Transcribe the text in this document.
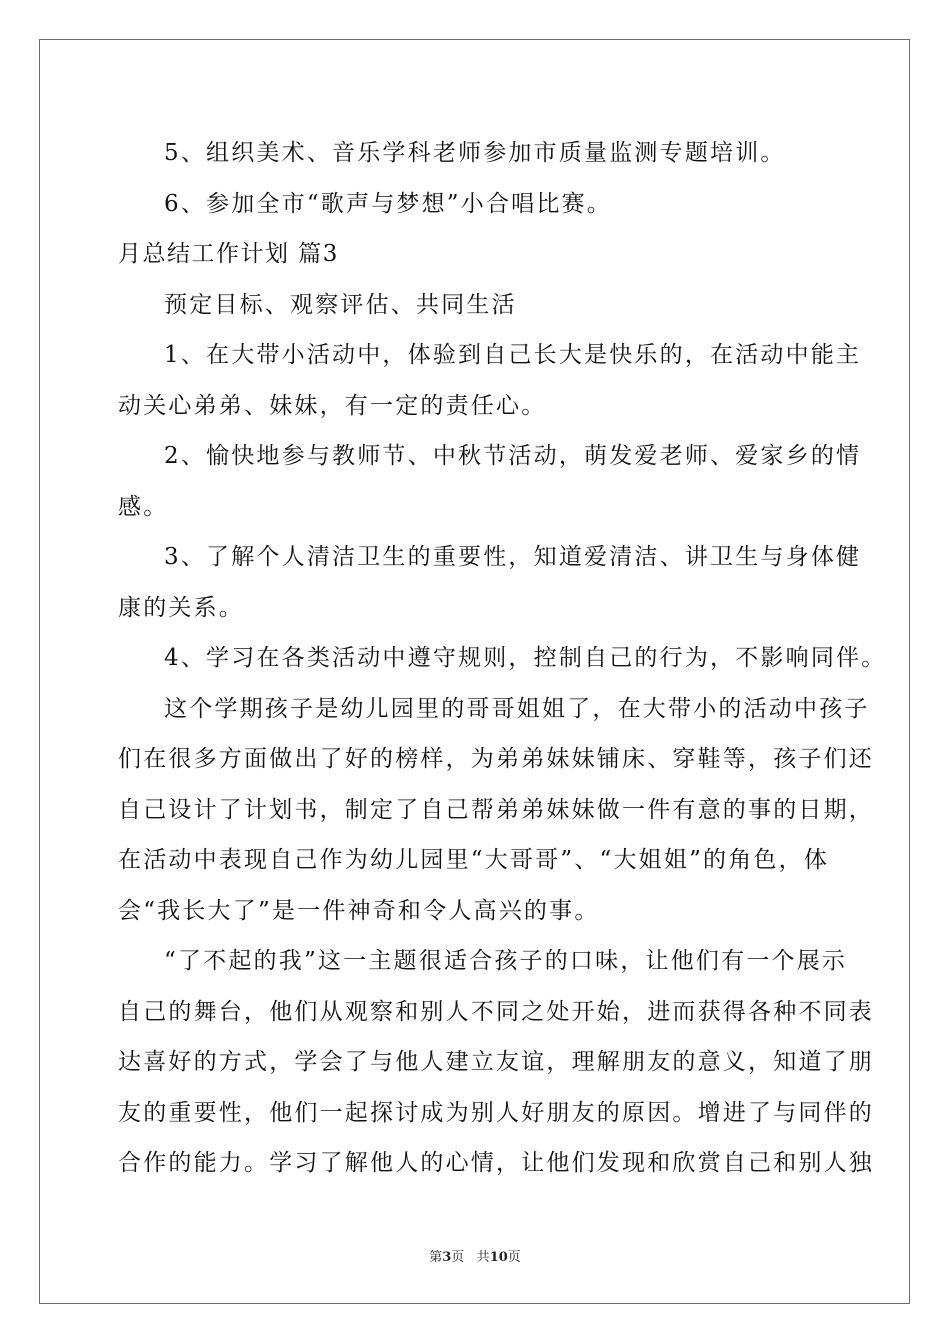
5、组织美术、音乐学科老师参加市质量监测专题培训。

6、参加全市“歌声与梦想”小合唱比赛。

月总结工作计划 篇3

预定目标、观察评估、共同生活

1、在大带小活动中，体验到自己长大是快乐的，在活动中能主

动关心弟弟、妹妹，有一定的责任心。

2、愉快地参与教师节、中秋节活动，萌发爱老师、爱家乡的情

感。

3、了解个人清洁卫生的重要性，知道爱清洁、讲卫生与身体健

康的关系。

4、学习在各类活动中遵守规则，控制自己的行为，不影响同伴。

这个学期孩子是幼儿园里的哥哥姐姐了，在大带小的活动中孩子

们在很多方面做出了好的榜样，为弟弟妹妹铺床、穿鞋等，孩子们还

自己设计了计划书，制定了自己帮弟弟妹妹做一件有意的事的日期，

在活动中表现自己作为幼儿园里“大哥哥”、“大姐姐”的角色，体

会“我长大了”是一件神奇和令人高兴的事。

“了不起的我”这一主题很适合孩子的口味，让他们有一个展示

自己的舞台，他们从观察和别人不同之处开始，进而获得各种不同表

达喜好的方式，学会了与他人建立友谊，理解朋友的意义，知道了朋

友的重要性，他们一起探讨成为别人好朋友的原因。增进了与同伴的

合作的能力。学习了解他人的心情，让他们发现和欣赏自己和别人独

第3页 共10页
